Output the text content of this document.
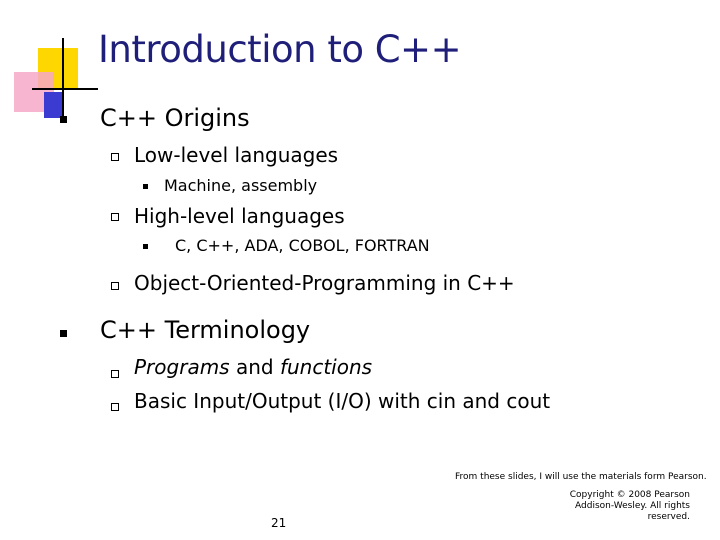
Introduction to C++
C++ Origins
Low-level languages
Machine, assembly
High-level languages
C, C++, ADA, COBOL, FORTRAN
Object-Oriented-Programming in C++
C++ Terminology
Programs and functions
Basic Input/Output (I/O) with cin and cout
From these slides, I will use the materials form Pearson.
21
Copyright © 2008 Pearson
Addison-Wesley. All rights
reserved.
